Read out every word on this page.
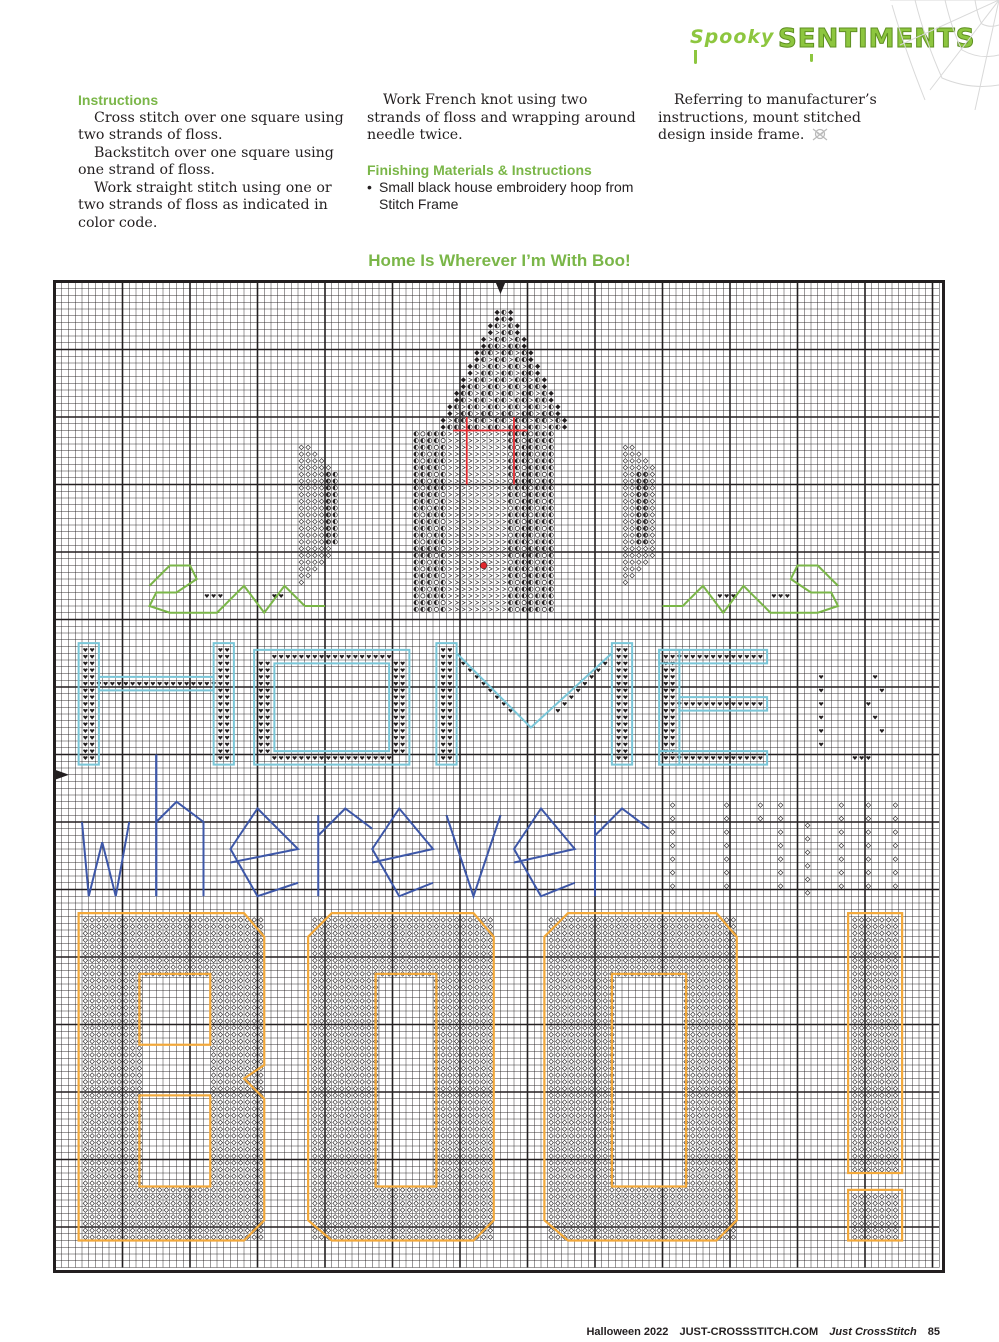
Spooky SENTIMENTS

Instructions

Cross stitch over one square using two strands of floss.

Backstitch over one square using one strand of floss.

Work straight stitch using one or two strands of floss as indicated in color code.

Work French knot using two strands of floss and wrapping around needle twice.

Finishing Materials & Instructions

• Small black house embroidery hoop from Stitch Frame

Referring to manufacturer’s instructions, mount stitched design inside frame.

Home Is Wherever I’m With Boo!
Halloween 2022 JUST-CROSSSTITCH.COM Just CrossStitch 85
